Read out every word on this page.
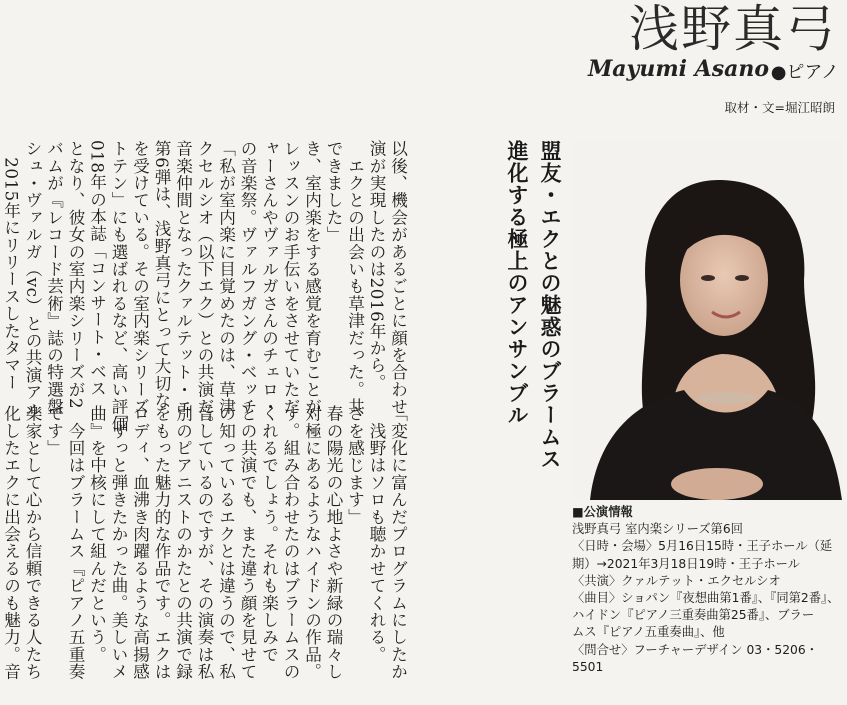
浅野真弓
Mayumi Asano ●ピアノ
取材・文=堀江昭朗
盟友・エクとの魅惑のブラームス
進化する極上のアンサンブル
■公演情報
浅野真弓 室内楽シリーズ第6回
〈日時・会場〉5月16日15時・王子ホール（延
期）→2021年3月18日19時・王子ホール
〈共演〉クァルテット・エクセルシオ
〈曲目〉ショパン『夜想曲第1番』、『同第2番』、
ハイドン『ピアノ三重奏曲第25番』、ブラー
ムス『ピアノ五重奏曲』、他
〈問合せ〉フーチャーデザイン 03・5206・
5501
以後、機会があるごとに顔を合わせ
演が実現したのは2016年から。
　エクとの出会いも草津だった。共
できました」
き、室内楽をする感覚を育むことが
レッスンのお手伝いをさせていただ
ャーさんやヴァルガさんのチェロ・
の音楽祭。ヴァルフガング・ベッチ
「私が室内楽に目覚めたのは、草津
クセルシオ（以下エク）との共演だ。
音楽仲間となったクァルテット・エ
第6弾は、浅野真弓にとって大切な
を受けている。その室内楽シリーズ
トテン」にも選ばれるなど、高い評価
018年の本誌「コンサート・ベス
となり、彼女の室内楽シリーズが2
バムが『レコード芸術』誌の特選盤
シュ・ヴァルガ（vc）との共演アル
　2015年にリリースしたタマー
「変化に富んだプログラムにしたか
　浅野はソロも聴かせてくれる。
さを感じます」
春の陽光の心地よさや新緑の瑞々し
対極にあるようなハイドンの作品。
す。組み合わせたのはブラームスの
くれるでしょう。それも楽しみで
との共演でも、また違う顔を見せて
の知っているエクとは違うので、私
音しているのですが、その演奏は私
別のピアニストのかたとの共演で録
をもった魅力的な作品です。エクは
ロディ、血沸き肉躍るような高揚感
「ずっと弾きたかった曲。美しいメ
曲』を中核にして組んだという。
　今回はブラームス『ピアノ五重奏
です」
楽家として心から信頼できる人たち
化したエクに出会えるのも魅力。音
